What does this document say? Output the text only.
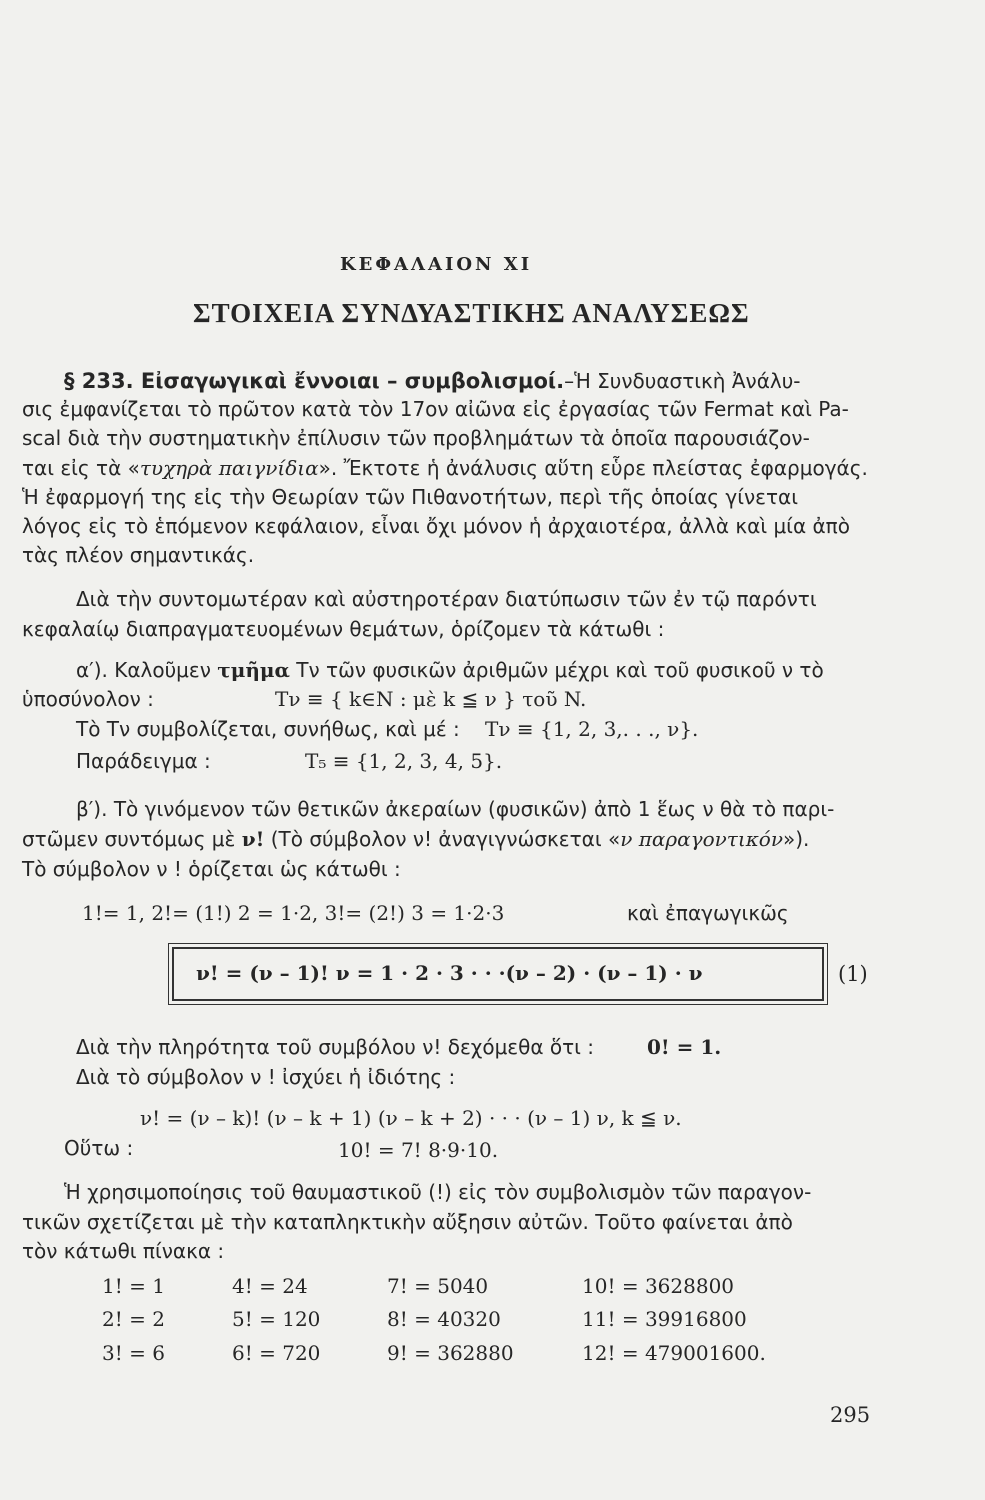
ΚΕΦΑΛΑΙΟΝ XI
ΣΤΟΙΧΕΙΑ ΣΥΝΔΥΑΣΤΙΚΗΣ ΑΝΑΛΥΣΕΩΣ
§ 233. Εἰσαγωγικαὶ ἔννοιαι – συμβολισμοί.–Ἡ Συνδυαστικὴ Ἀνάλυ-
σις ἐμφανίζεται τὸ πρῶτον κατὰ τὸν 17ον αἰῶνα εἰς ἐργασίας τῶν Fermat καὶ Pa-
scal διὰ τὴν συστηματικὴν ἐπίλυσιν τῶν προβλημάτων τὰ ὁποῖα παρουσιάζον-
ται εἰς τὰ «τυχηρὰ παιγνίδια». Ἔκτοτε ἡ ἀνάλυσις αὕτη εὗρε πλείστας ἐφαρμογάς.
Ἡ ἐφαρμογή της εἰς τὴν Θεωρίαν τῶν Πιθανοτήτων, περὶ τῆς ὁποίας γίνεται
λόγος εἰς τὸ ἑπόμενον κεφάλαιον, εἶναι ὄχι μόνον ἡ ἀρχαιοτέρα, ἀλλὰ καὶ μία ἀπὸ
τὰς πλέον σημαντικάς.
Διὰ τὴν συντομωτέραν καὶ αὐστηροτέραν διατύπωσιν τῶν ἐν τῷ παρόντι
κεφαλαίῳ διαπραγματευομένων θεμάτων, ὁρίζομεν τὰ κάτωθι :
α′). Καλοῦμεν τμῆμα Tν τῶν φυσικῶν ἀριθμῶν μέχρι καὶ τοῦ φυσικοῦ ν τὸ
ὑποσύνολον :	Tν ≡ { k∈N : μὲ k ≦ ν } τοῦ N.
Τὸ Tν συμβολίζεται, συνήθως, καὶ μέ : Tν ≡ {1, 2, 3,. . ., ν}.
Παράδειγμα :	T₅ ≡ {1, 2, 3, 4, 5}.
β′). Τὸ γινόμενον τῶν θετικῶν ἀκεραίων (φυσικῶν) ἀπὸ 1 ἕως ν θὰ τὸ παρι-
στῶμεν συντόμως μὲ ν! (Τὸ σύμβολον ν! ἀναγιγνώσκεται «ν παραγοντικόν»).
Τὸ σύμβολον ν ! ὁρίζεται ὡς κάτωθι :
1!= 1, 2!= (1!) 2 = 1·2, 3!= (2!) 3 = 1·2·3	καὶ ἐπαγωγικῶς
ν! = (ν – 1)! ν = 1 · 2 · 3 · · ·(ν – 2) · (ν – 1) · ν	(1)
Διὰ τὴν πληρότητα τοῦ συμβόλου ν! δεχόμεθα ὅτι :	0! = 1.
Διὰ τὸ σύμβολον ν ! ἰσχύει ἡ ἰδιότης :
ν! = (ν – k)! (ν – k + 1) (ν – k + 2) · · · (ν – 1) ν, k ≦ ν.
Οὕτω :	10! = 7! 8·9·10.
Ἡ χρησιμοποίησις τοῦ θαυμαστικοῦ (!) εἰς τὸν συμβολισμὸν τῶν παραγον-
τικῶν σχετίζεται μὲ τὴν καταπληκτικὴν αὔξησιν αὐτῶν. Τοῦτο φαίνεται ἀπὸ
τὸν κάτωθι πίνακα :
1! = 1	4! = 24	7! = 5040	10! = 3628800
2! = 2	5! = 120	8! = 40320	11! = 39916800
3! = 6	6! = 720	9! = 362880	12! = 479001600.
295
